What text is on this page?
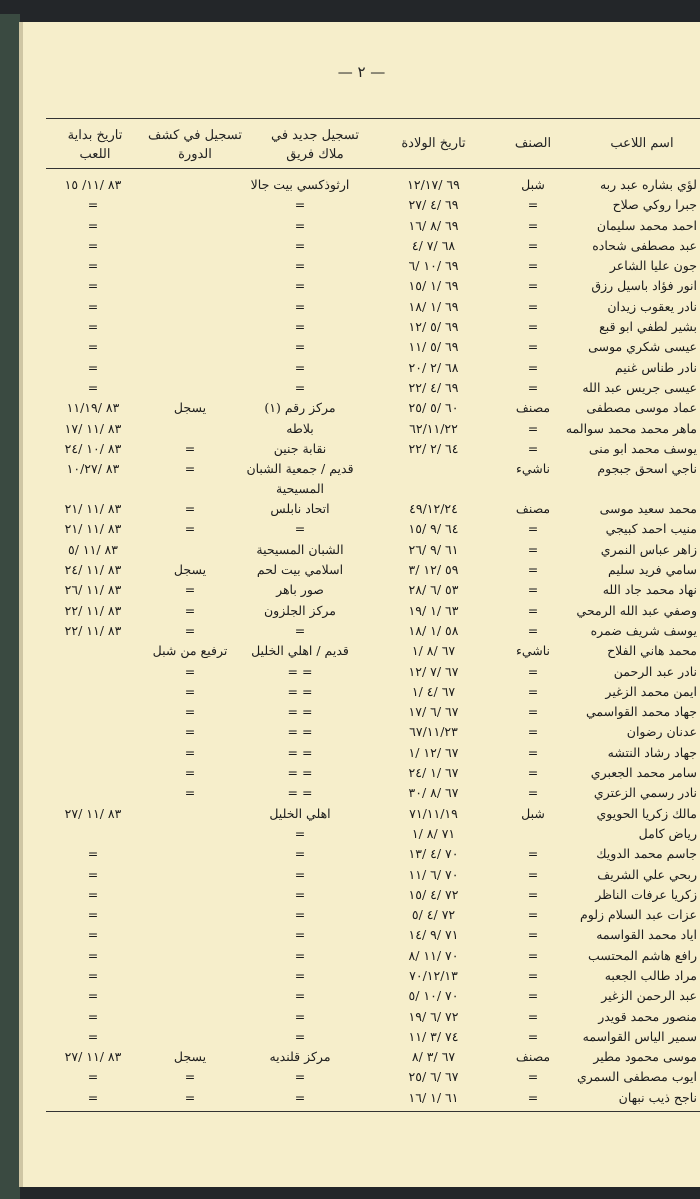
— ٢ —
اسم اللاعب
الصنف
تاريخ الولادة
تسجيل جديد في ملاك فريق
تسجيل في كشف الدورة
تاريخ بداية اللعب
لؤي بشاره عبد ربه
شبل
٦٩ /١٢/١٧
ارثوذكسي بيت جالا
٨٣ /١١/ ١٥
جبرا روكي صلاح
=
٦٩ /٤ /٢٧
=
=
احمد محمد سليمان
=
٦٩ /٨ /١٦
=
=
عبد مصطفى شحاده
=
٦٨ /٧ /٤
=
=
جون عليا الشاعر
=
٦٩ /١٠ /٦
=
=
انور فؤاد باسيل رزق
=
٦٩ /١ /١٥
=
=
نادر يعقوب زيدان
=
٦٩ /١ /١٨
=
=
بشير لطفي ابو قبع
=
٦٩ /٥ /١٢
=
=
عيسى شكري موسى
=
٦٩ /٥ /١١
=
=
نادر طناس غنيم
=
٦٨ /٢ /٢٠
=
=
عيسى جريس عبد الله
=
٦٩ /٤ /٢٢
=
=
عماد موسى مصطفى
مصنف
٦٠ /٥ /٢٥
مركز رقم (١)
يسجل
٨٣ /١١/١٩
ماهر محمد محمد سوالمه
=
٦٢/١١/٢٢
بلاطه
٨٣ /١١ /١٧
يوسف محمد ابو منى
=
٦٤ /٢ /٢٢
نقابة جنين
=
٨٣ /١٠ /٢٤
ناجي اسحق جبجوم
ناشيء
قديم / جمعية الشبان المسيحية
=
٨٣ /١٠/٢٧
محمد سعيد موسى
مصنف
٤٩/١٢/٢٤
اتحاد نابلس
=
٨٣ /١١ /٢١
منيب احمد كبيجي
=
٦٤ /٩ /١٥
=
=
٨٣ /١١ /٢١
زاهر عباس النمري
=
٦١ /٩ /٢٦
الشبان المسيحية
٨٣ /١١ /٥
سامي فريد سليم
=
٥٩ /١٢ /٣
اسلامي بيت لحم
يسجل
٨٣ /١١ /٢٤
نهاد محمد جاد الله
=
٥٣ /٦ /٢٨
صور باهر
=
٨٣ /١١ /٢٦
وصفي عبد الله الرمحي
=
٦٣ /١ /١٩
مركز الجلزون
=
٨٣ /١١ /٢٢
يوسف شريف ضمره
=
٥٨ /١ /١٨
=
=
٨٣ /١١ /٢٢
محمد هاني الفلاح
ناشيء
٦٧ /٨ /١
قديم / اهلي الخليل
ترفيع من شبل
نادر عبد الرحمن
=
٦٧ /٧ /١٢
= =
=
ايمن محمد الزغير
=
٦٧ /٤ /١
= =
=
جهاد محمد القواسمي
=
٦٧ /٦ /١٧
= =
=
عدنان رضوان
=
٦٧/١١/٢٣
= =
=
جهاد رشاد النتشه
=
٦٧ /١٢ /١
= =
=
سامر محمد الجعبري
=
٦٧ /١ /٢٤
= =
=
نادر رسمي الزعتري
=
٦٧ /٨ /٣٠
= =
=
مالك زكريا الحويوي
شبل
٧١/١١/١٩
اهلي الخليل
٨٣ /١١ /٢٧
رياض كامل
٧١ /٨ /١
=
جاسم محمد الدويك
=
٧٠ /٤ /١٣
=
=
ربحي علي الشريف
=
٧٠ /٦ /١١
=
=
زكريا عرفات الناظر
=
٧٢ /٤ /١٥
=
=
عزات عبد السلام زلوم
=
٧٢ /٤ /٥
=
=
اياد محمد القواسمه
=
٧١ /٩ /١٤
=
=
رافع هاشم المحتسب
=
٧٠ /١١ /٨
=
=
مراد طالب الجعبه
=
٧٠/١٢/١٣
=
=
عبد الرحمن الزغير
=
٧٠ /١٠ /٥
=
=
منصور محمد قويدر
=
٧٢ /٦ /١٩
=
=
سمير الياس القواسمه
=
٧٤ /٣ /١١
=
=
موسى محمود مطير
مصنف
٦٧ /٣ /٨
مركز قلنديه
يسجل
٨٣ /١١ /٢٧
ايوب مصطفى السمري
=
٦٧ /٦ /٢٥
=
=
=
ناجح ذيب نبهان
=
٦١ /١ /١٦
=
=
=
